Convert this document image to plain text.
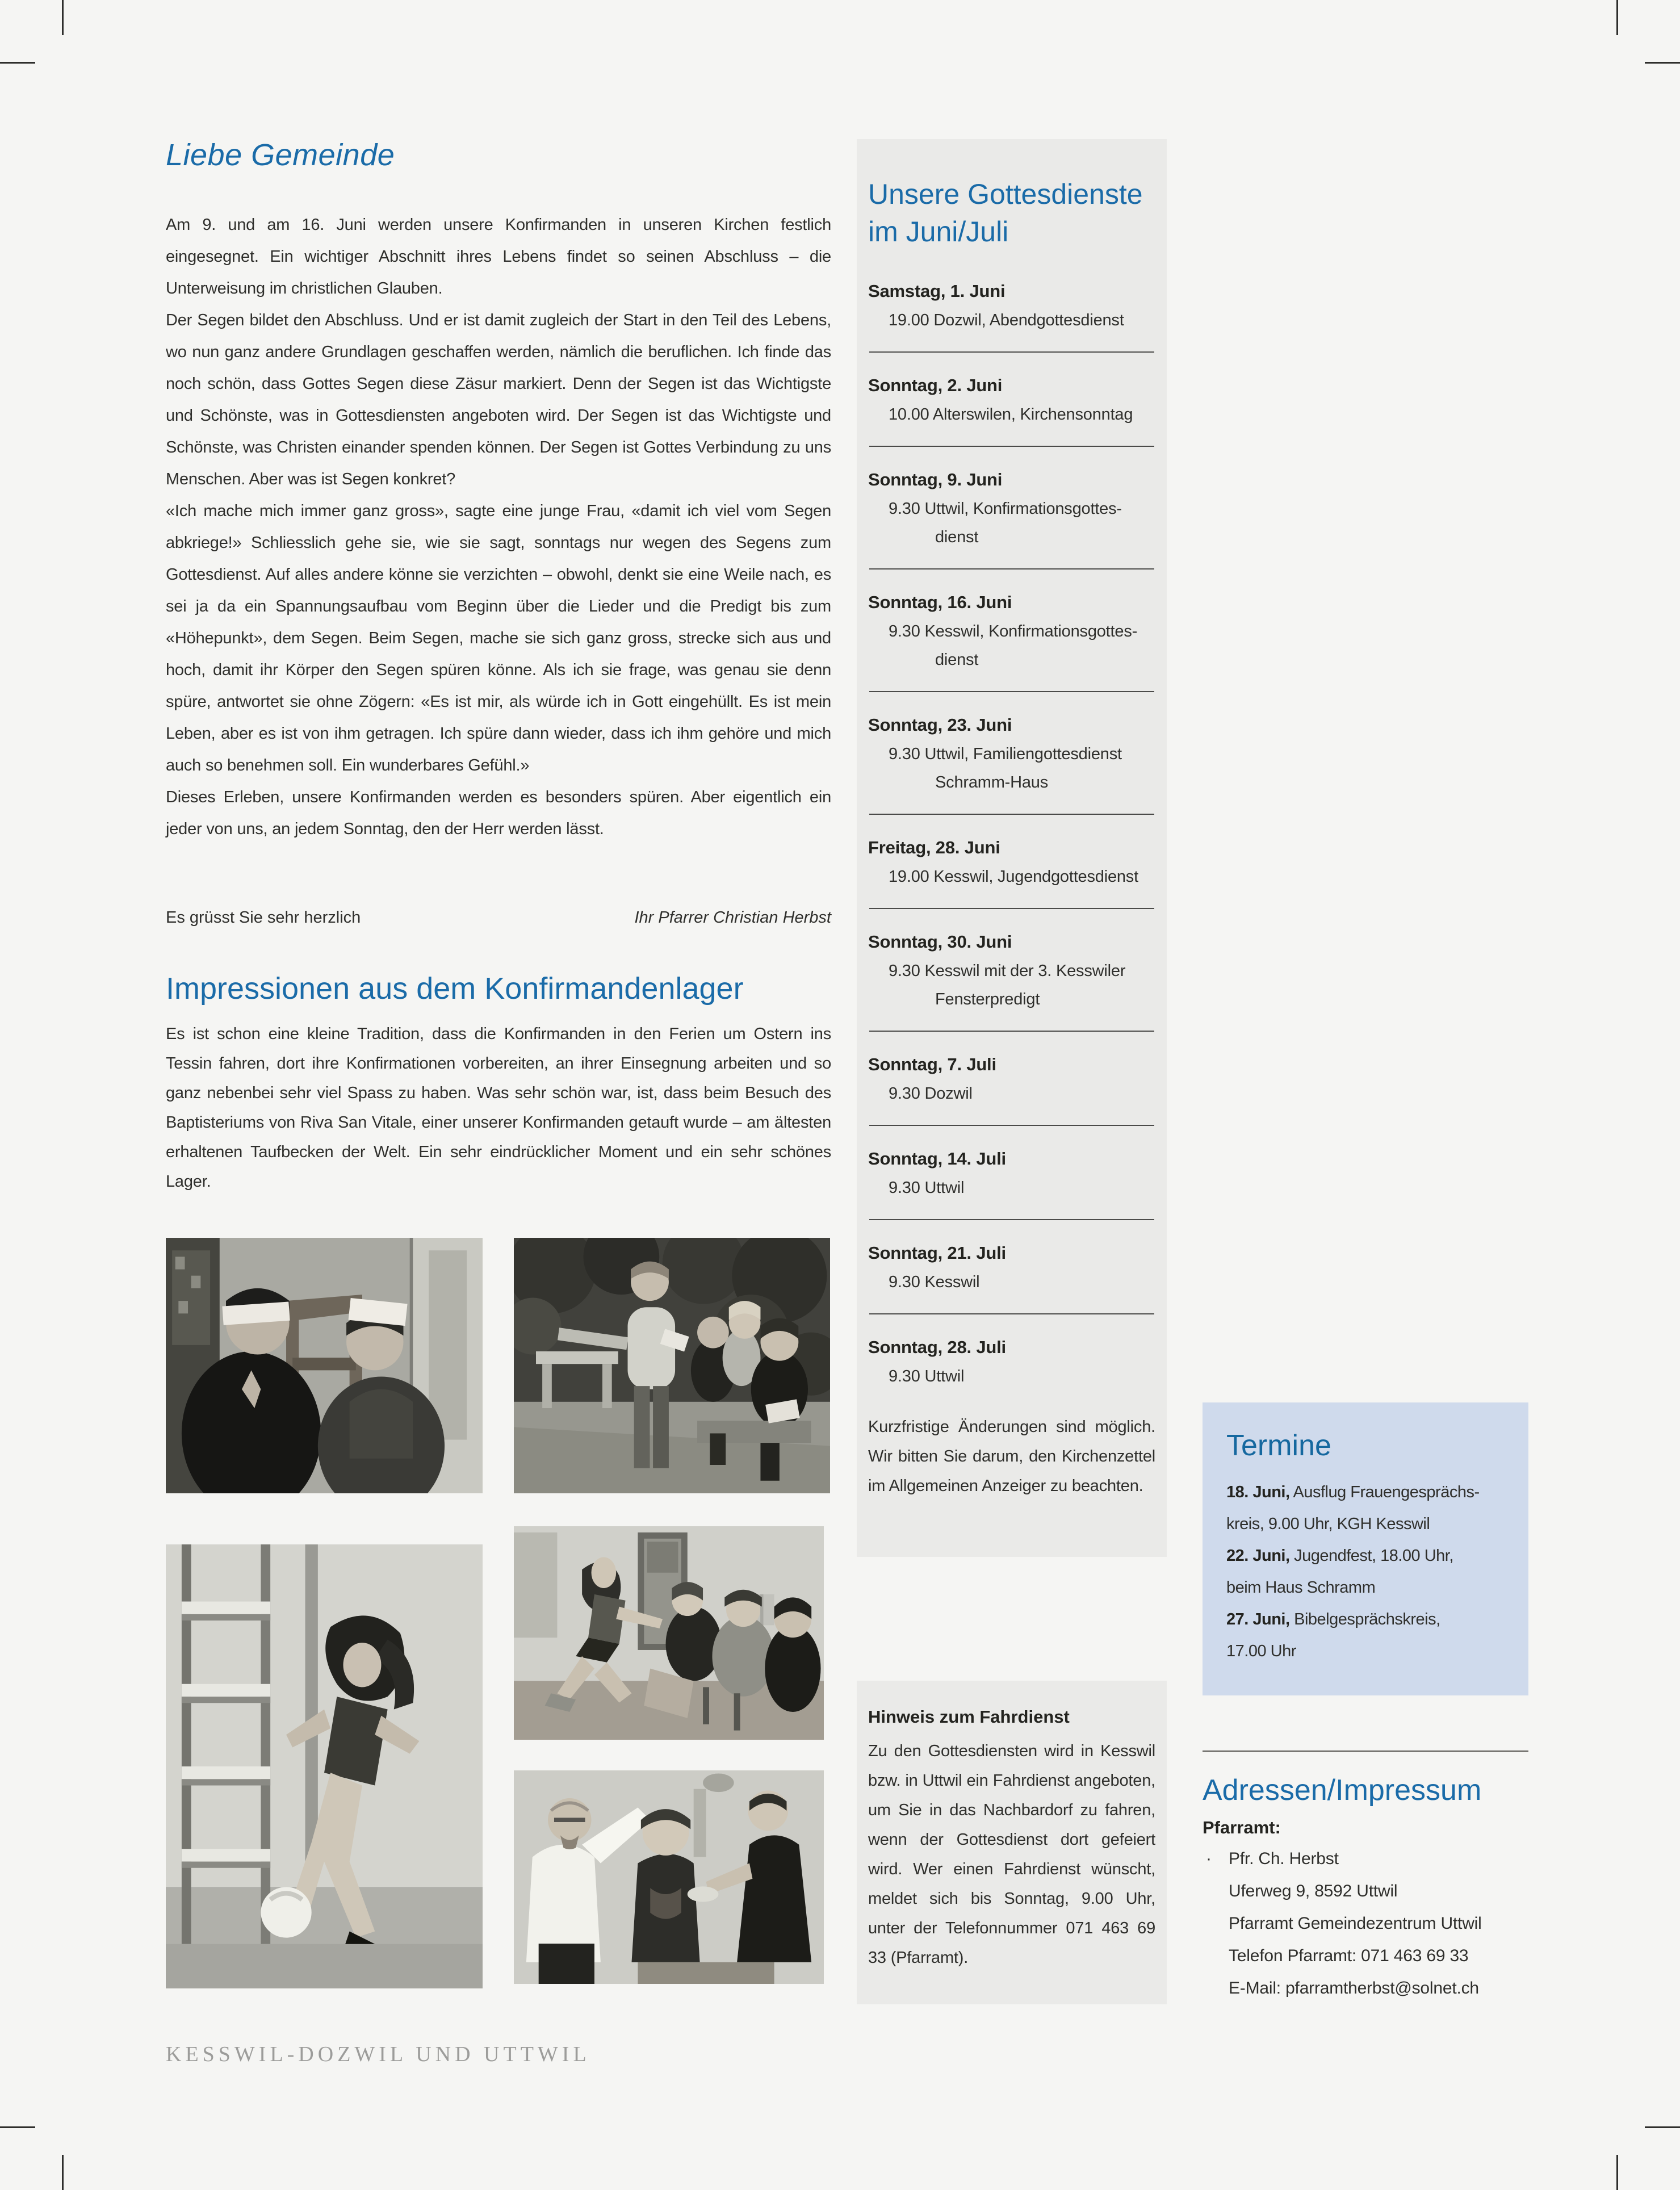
Liebe Gemeinde

Am 9. und am 16. Juni werden unsere Konfirmanden in unseren Kirchen festlich eingesegnet. Ein wichtiger Abschnitt ihres Lebens findet so seinen Abschluss – die Unterweisung im christlichen Glauben.

Der Segen bildet den Abschluss. Und er ist damit zugleich der Start in den Teil des Lebens, wo nun ganz andere Grundlagen geschaffen werden, nämlich die beruflichen. Ich finde das noch schön, dass Gottes Segen diese Zäsur markiert. Denn der Segen ist das Wichtigste und Schönste, was in Gottesdiensten angeboten wird. Der Segen ist das Wichtigste und Schönste, was Christen einander spenden können. Der Segen ist Gottes Verbindung zu uns Menschen. Aber was ist Segen konkret?

«Ich mache mich immer ganz gross», sagte eine junge Frau, «damit ich viel vom Segen abkriege!» Schliesslich gehe sie, wie sie sagt, sonntags nur wegen des Segens zum Gottesdienst. Auf alles andere könne sie verzichten – obwohl, denkt sie eine Weile nach, es sei ja da ein Spannungsaufbau vom Beginn über die Lieder und die Predigt bis zum «Höhepunkt», dem Segen. Beim Segen, mache sie sich ganz gross, strecke sich aus und hoch, damit ihr Körper den Segen spüren könne. Als ich sie frage, was genau sie denn spüre, antwortet sie ohne Zögern: «Es ist mir, als würde ich in Gott eingehüllt. Es ist mein Leben, aber es ist von ihm getragen. Ich spüre dann wieder, dass ich ihm gehöre und mich auch so benehmen soll. Ein wunderbares Gefühl.»

Dieses Erleben, unsere Konfirmanden werden es besonders spüren. Aber eigentlich ein jeder von uns, an jedem Sonntag, den der Herr werden lässt.

Es grüsst Sie sehr herzlich	Ihr Pfarrer Christian Herbst
Impressionen aus dem Konfirmandenlager
Es ist schon eine kleine Tradition, dass die Konfirmanden in den Ferien um Ostern ins Tessin fahren, dort ihre Konfirmationen vorbereiten, an ihrer Einsegnung arbeiten und so ganz nebenbei sehr viel Spass zu haben. Was sehr schön war, ist, dass beim Besuch des Baptisteriums von Riva San Vitale, einer unserer Konfirmanden getauft wurde – am ältesten erhaltenen Taufbecken der Welt. Ein sehr eindrücklicher Moment und ein sehr schönes Lager.
Unsere Gottesdienste
im Juni/Juli
Samstag, 1. Juni
19.00 Dozwil, Abendgottesdienst
Sonntag, 2. Juni
10.00 Alterswilen, Kirchensonntag
Sonntag, 9. Juni
9.30 Uttwil, Konfirmationsgottes-
dienst
Sonntag, 16. Juni
9.30 Kesswil, Konfirmationsgottes-
dienst
Sonntag, 23. Juni
9.30 Uttwil, Familiengottesdienst
Schramm-Haus
Freitag, 28. Juni
19.00 Kesswil, Jugendgottesdienst
Sonntag, 30. Juni
9.30 Kesswil mit der 3. Kesswiler
Fensterpredigt
Sonntag, 7. Juli
9.30 Dozwil
Sonntag, 14. Juli
9.30 Uttwil
Sonntag, 21. Juli
9.30 Kesswil
Sonntag, 28. Juli
9.30 Uttwil
Kurzfristige Änderungen sind möglich. Wir bitten Sie darum, den Kirchenzettel im Allgemeinen Anzeiger zu beachten.
Hinweis zum Fahrdienst
Zu den Gottesdiensten wird in Kesswil bzw. in Uttwil ein Fahrdienst angeboten, um Sie in das Nachbardorf zu fahren, wenn der Gottesdienst dort gefeiert wird. Wer einen Fahrdienst wünscht, meldet sich bis Sonntag, 9.00 Uhr, unter der Telefonnummer 071 463 69 33 (Pfarramt).
Termine

18. Juni, Ausflug Frauengesprächs-
kreis, 9.00 Uhr, KGH Kesswil

22. Juni, Jugendfest, 18.00 Uhr,
beim Haus Schramm

27. Juni, Bibelgesprächskreis,
17.00 Uhr

Adressen/Impressum
Pfarramt:
· Pfr. Ch. Herbst
Uferweg 9, 8592 Uttwil
Pfarramt Gemeindezentrum Uttwil
Telefon Pfarramt: 071 463 69 33
E-Mail: pfarramtherbst@solnet.ch
KESSWIL-DOZWIL UND UTTWIL
